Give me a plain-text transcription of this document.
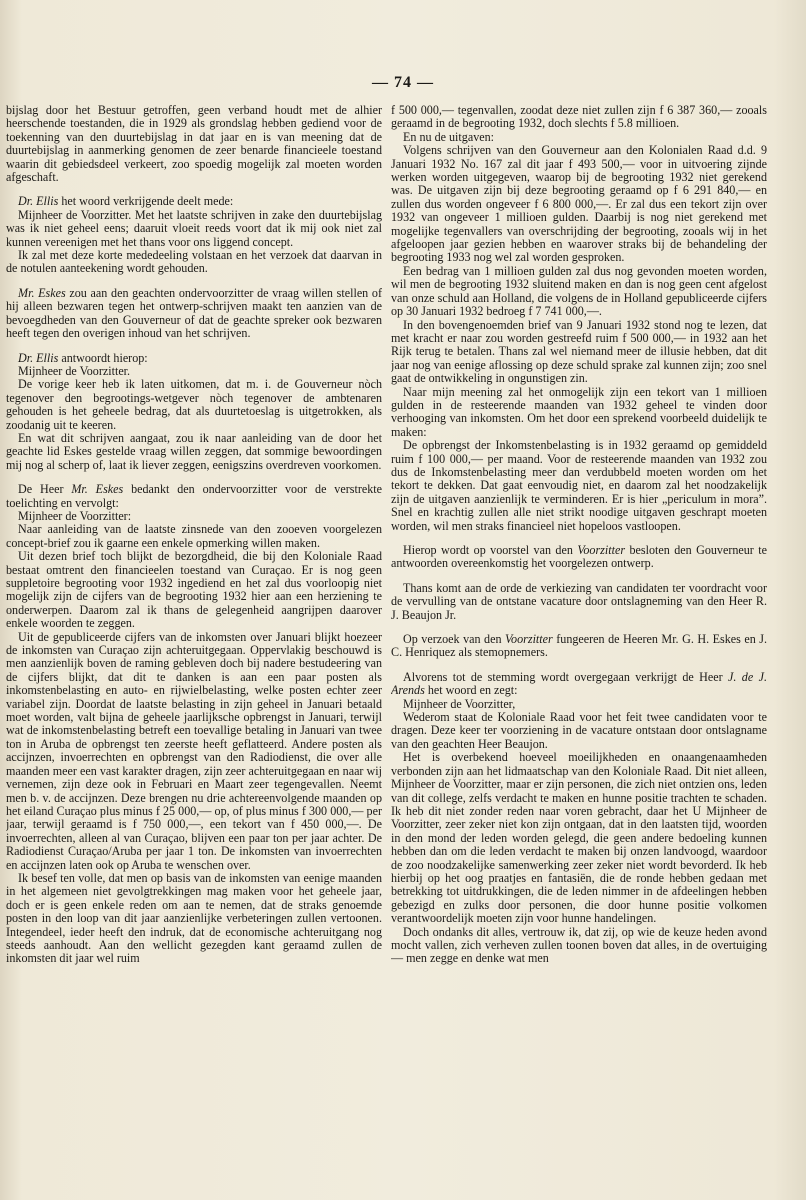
— 74 —

bijslag door het Bestuur getroffen, geen verband houdt met de alhier heerschende toestanden, die in 1929 als grondslag hebben gediend voor de toekenning van den duurtebijslag in dat jaar en is van meening dat de duurtebijslag in aanmerking genomen de zeer benarde financieele toestand waarin dit gebiedsdeel verkeert, zoo spoedig mogelijk zal moeten worden afgeschaft.

Dr. Ellis het woord verkrijgende deelt mede:

Mijnheer de Voorzitter. Met het laatste schrijven in zake den duurtebijslag was ik niet geheel eens; daaruit vloeit reeds voort dat ik mij ook niet zal kunnen vereenigen met het thans voor ons liggend concept.

Ik zal met deze korte mededeeling volstaan en het verzoek dat daarvan in de notulen aanteekening wordt gehouden.

Mr. Eskes zou aan den geachten ondervoorzitter de vraag willen stellen of hij alleen bezwaren tegen het ontwerp-schrijven maakt ten aanzien van de bevoegdheden van den Gouverneur of dat de geachte spreker ook bezwaren heeft tegen den overigen inhoud van het schrijven.

Dr. Ellis antwoordt hierop:

Mijnheer de Voorzitter.

De vorige keer heb ik laten uitkomen, dat m. i. de Gouverneur nòch tegenover den begrootings-wetgever nòch tegenover de ambtenaren gehouden is het geheele bedrag, dat als duurtetoeslag is uitgetrokken, als zoodanig uit te keeren.

En wat dit schrijven aangaat, zou ik naar aanleiding van de door het geachte lid Eskes gestelde vraag willen zeggen, dat sommige bewoordingen mij nog al scherp of, laat ik liever zeggen, eenigszins overdreven voorkomen.

De Heer Mr. Eskes bedankt den ondervoorzitter voor de verstrekte toelichting en vervolgt:

Mijnheer de Voorzitter:

Naar aanleiding van de laatste zinsnede van den zooeven voorgelezen concept-brief zou ik gaarne een enkele opmerking willen maken.

Uit dezen brief toch blijkt de bezorgdheid, die bij den Koloniale Raad bestaat omtrent den financieelen toestand van Curaçao. Er is nog geen suppletoire begrooting voor 1932 ingediend en het zal dus voorloopig niet mogelijk zijn de cijfers van de begrooting 1932 hier aan een herziening te onderwerpen. Daarom zal ik thans de gelegenheid aangrijpen daarover enkele woorden te zeggen.

Uit de gepubliceerde cijfers van de inkomsten over Januari blijkt hoezeer de inkomsten van Curaçao zijn achteruitgegaan. Oppervlakig beschouwd is men aanzienlijk boven de raming gebleven doch bij nadere bestudeering van de cijfers blijkt, dat dit te danken is aan een paar posten als inkomstenbelasting en auto- en rijwielbelasting, welke posten echter zeer variabel zijn. Doordat de laatste belasting in zijn geheel in Januari betaald moet worden, valt bijna de geheele jaarlijksche opbrengst in Januari, terwijl wat de inkomstenbelasting betreft een toevallige betaling in Januari van twee ton in Aruba de opbrengst ten zeerste heeft geflatteerd. Andere posten als accijnzen, invoerrechten en opbrengst van den Radiodienst, die over alle maanden meer een vast karakter dragen, zijn zeer achteruitgegaan en naar wij vernemen, zijn deze ook in Februari en Maart zeer tegengevallen. Neemt men b. v. de accijnzen. Deze brengen nu drie achtereenvolgende maanden op het eiland Curaçao plus minus f 25 000,— op, of plus minus f 300 000,— per jaar, terwijl geraamd is f 750 000,—, een tekort van f 450 000,—. De invoerrechten, alleen al van Curaçao, blijven een paar ton per jaar achter. De Radiodienst Curaçao/Aruba per jaar 1 ton. De inkomsten van invoerrechten en accijnzen laten ook op Aruba te wenschen over.

Ik besef ten volle, dat men op basis van de inkomsten van eenige maanden in het algemeen niet gevolgtrekkingen mag maken voor het geheele jaar, doch er is geen enkele reden om aan te nemen, dat de straks genoemde posten in den loop van dit jaar aanzienlijke verbeteringen zullen vertoonen. Integendeel, ieder heeft den indruk, dat de economische achteruitgang nog steeds aanhoudt. Aan den wellicht gezegden kant geraamd zullen de inkomsten dit jaar wel ruim

f 500 000,— tegenvallen, zoodat deze niet zullen zijn f 6 387 360,— zooals geraamd in de begrooting 1932, doch slechts f 5.8 millioen.

En nu de uitgaven:

Volgens schrijven van den Gouverneur aan den Kolonialen Raad d.d. 9 Januari 1932 No. 167 zal dit jaar f 493 500,— voor in uitvoering zijnde werken worden uitgegeven, waarop bij de begrooting 1932 niet gerekend was. De uitgaven zijn bij deze begrooting geraamd op f 6 291 840,— en zullen dus worden ongeveer f 6 800 000,—. Er zal dus een tekort zijn over 1932 van ongeveer 1 millioen gulden. Daarbij is nog niet gerekend met mogelijke tegenvallers van overschrijding der begrooting, zooals wij in het afgeloopen jaar gezien hebben en waarover straks bij de behandeling der begrooting 1933 nog wel zal worden gesproken.

Een bedrag van 1 millioen gulden zal dus nog gevonden moeten worden, wil men de begrooting 1932 sluitend maken en dan is nog geen cent afgelost van onze schuld aan Holland, die volgens de in Holland gepubliceerde cijfers op 30 Januari 1932 bedroeg f 7 741 000,—.

In den bovengenoemden brief van 9 Januari 1932 stond nog te lezen, dat met kracht er naar zou worden gestreefd ruim f 500 000,— in 1932 aan het Rijk terug te betalen. Thans zal wel niemand meer de illusie hebben, dat dit jaar nog van eenige aflossing op deze schuld sprake zal kunnen zijn; zoo snel gaat de ontwikkeling in ongunstigen zin.

Naar mijn meening zal het onmogelijk zijn een tekort van 1 millioen gulden in de resteerende maanden van 1932 geheel te vinden door verhooging van inkomsten. Om het door een sprekend voorbeeld duidelijk te maken:

De opbrengst der Inkomstenbelasting is in 1932 geraamd op gemiddeld ruim f 100 000,— per maand. Voor de resteerende maanden van 1932 zou dus de Inkomstenbelasting meer dan verdubbeld moeten worden om het tekort te dekken. Dat gaat eenvoudig niet, en daarom zal het noodzakelijk zijn de uitgaven aanzienlijk te verminderen. Er is hier „periculum in mora”. Snel en krachtig zullen alle niet strikt noodige uitgaven geschrapt moeten worden, wil men straks financieel niet hopeloos vastloopen.

Hierop wordt op voorstel van den Voorzitter besloten den Gouverneur te antwoorden overeenkomstig het voorgelezen ontwerp.

Thans komt aan de orde de verkiezing van candidaten ter voordracht voor de vervulling van de ontstane vacature door ontslagneming van den Heer R. J. Beaujon Jr.

Op verzoek van den Voorzitter fungeeren de Heeren Mr. G. H. Eskes en J. C. Henriquez als stemopnemers.

Alvorens tot de stemming wordt overgegaan verkrijgt de Heer J. de J. Arends het woord en zegt:

Mijnheer de Voorzitter,

Wederom staat de Koloniale Raad voor het feit twee candidaten voor te dragen. Deze keer ter voorziening in de vacature ontstaan door ontslagname van den geachten Heer Beaujon.

Het is overbekend hoeveel moeilijkheden en onaangenaamheden verbonden zijn aan het lidmaatschap van den Koloniale Raad. Dit niet alleen, Mijnheer de Voorzitter, maar er zijn personen, die zich niet ontzien ons, leden van dit college, zelfs verdacht te maken en hunne positie trachten te schaden. Ik heb dit niet zonder reden naar voren gebracht, daar het U Mijnheer de Voorzitter, zeer zeker niet kon zijn ontgaan, dat in den laatsten tijd, woorden in den mond der leden worden gelegd, die geen andere bedoeling kunnen hebben dan om die leden verdacht te maken bij onzen landvoogd, waardoor de zoo noodzakelijke samenwerking zeer zeker niet wordt bevorderd. Ik heb hierbij op het oog praatjes en fantasiën, die de ronde hebben gedaan met betrekking tot uitdrukkingen, die de leden nimmer in de afdeelingen hebben gebezigd en zulks door personen, die door hunne positie volkomen verantwoordelijk moeten zijn voor hunne handelingen.

Doch ondanks dit alles, vertrouw ik, dat zij, op wie de keuze heden avond mocht vallen, zich verheven zullen toonen boven dat alles, in de overtuiging — men zegge en denke wat men
